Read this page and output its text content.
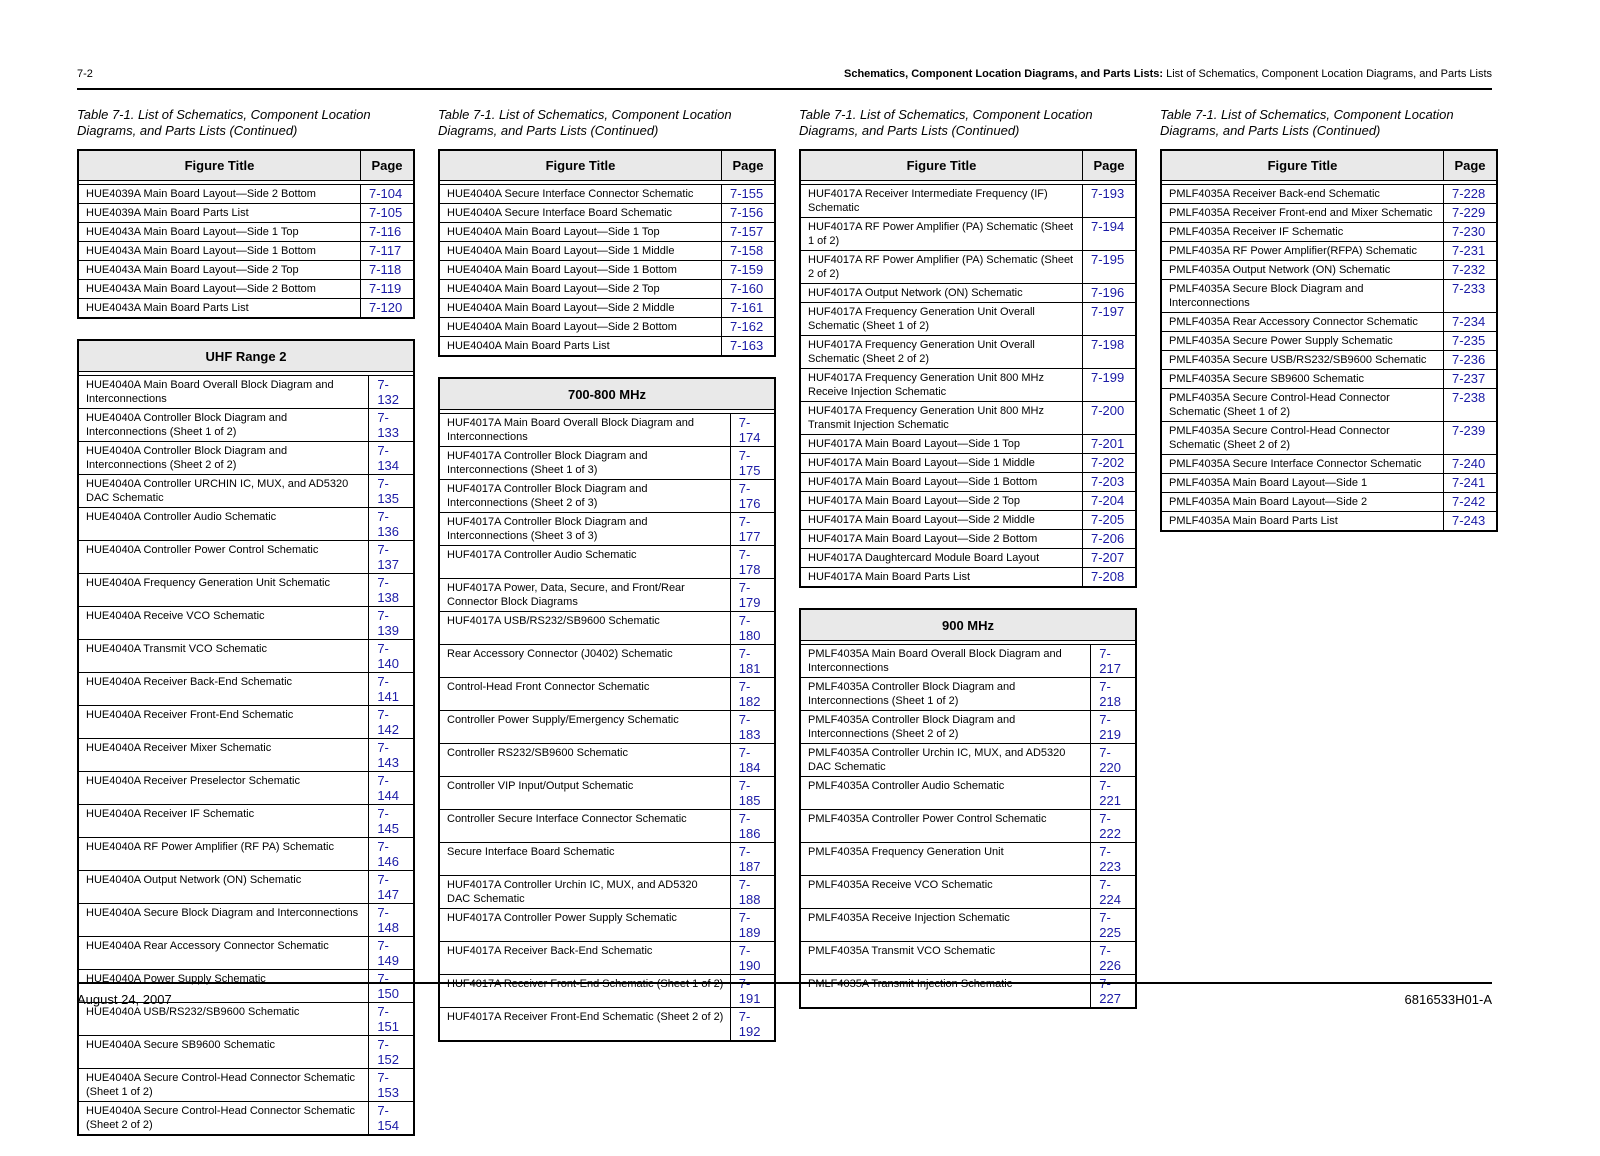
7-2	Schematics, Component Location Diagrams, and Parts Lists: List of Schematics, Component Location Diagrams, and Parts Lists
Table 7-1. List of Schematics, Component Location Diagrams, and Parts Lists (Continued)
Figure Title	Page

HUE4039A Main Board Layout—Side 2 Bottom	7-104
HUE4039A Main Board Parts List	7-105
HUE4043A Main Board Layout—Side 1 Top	7-116
HUE4043A Main Board Layout—Side 1 Bottom	7-117
HUE4043A Main Board Layout—Side 2 Top	7-118
HUE4043A Main Board Layout—Side 2 Bottom	7-119
HUE4043A Main Board Parts List	7-120
UHF Range 2	

HUE4040A Main Board Overall Block Diagram and Interconnections	7-132
HUE4040A Controller Block Diagram and Interconnections (Sheet 1 of 2)	7-133
HUE4040A Controller Block Diagram and Interconnections (Sheet 2 of 2)	7-134
HUE4040A Controller URCHIN IC, MUX, and AD5320 DAC Schematic	7-135
HUE4040A Controller Audio Schematic	7-136
HUE4040A Controller Power Control Schematic	7-137
HUE4040A Frequency Generation Unit Schematic	7-138
HUE4040A Receive VCO Schematic	7-139
HUE4040A Transmit VCO Schematic	7-140
HUE4040A Receiver Back-End Schematic	7-141
HUE4040A Receiver Front-End Schematic	7-142
HUE4040A Receiver Mixer Schematic	7-143
HUE4040A Receiver Preselector Schematic	7-144
HUE4040A Receiver IF Schematic	7-145
HUE4040A RF Power Amplifier (RF PA) Schematic	7-146
HUE4040A Output Network (ON) Schematic	7-147
HUE4040A Secure Block Diagram and Interconnections	7-148
HUE4040A Rear Accessory Connector Schematic	7-149
HUE4040A Power Supply Schematic	7-150
HUE4040A USB/RS232/SB9600 Schematic	7-151
HUE4040A Secure SB9600 Schematic	7-152
HUE4040A Secure Control-Head Connector Schematic (Sheet 1 of 2)	7-153
HUE4040A Secure Control-Head Connector Schematic (Sheet 2 of 2)	7-154
Table 7-1. List of Schematics, Component Location Diagrams, and Parts Lists (Continued)
Figure Title	Page

HUE4040A Secure Interface Connector Schematic	7-155
HUE4040A Secure Interface Board Schematic	7-156
HUE4040A Main Board Layout—Side 1 Top	7-157
HUE4040A Main Board Layout—Side 1 Middle	7-158
HUE4040A Main Board Layout—Side 1 Bottom	7-159
HUE4040A Main Board Layout—Side 2 Top	7-160
HUE4040A Main Board Layout—Side 2 Middle	7-161
HUE4040A Main Board Layout—Side 2 Bottom	7-162
HUE4040A Main Board Parts List	7-163
700-800 MHz	

HUF4017A Main Board Overall Block Diagram and Interconnections	7-174
HUF4017A Controller Block Diagram and Interconnections (Sheet 1 of 3)	7-175
HUF4017A Controller Block Diagram and Interconnections (Sheet 2 of 3)	7-176
HUF4017A Controller Block Diagram and Interconnections (Sheet 3 of 3)	7-177
HUF4017A Controller Audio Schematic	7-178
HUF4017A Power, Data, Secure, and Front/Rear Connector Block Diagrams	7-179
HUF4017A USB/RS232/SB9600 Schematic	7-180
Rear Accessory Connector (J0402) Schematic	7-181
Control-Head Front Connector Schematic	7-182
Controller Power Supply/Emergency Schematic	7-183
Controller RS232/SB9600 Schematic	7-184
Controller VIP Input/Output Schematic	7-185
Controller Secure Interface Connector Schematic	7-186
Secure Interface Board Schematic	7-187
HUF4017A Controller Urchin IC, MUX, and AD5320 DAC Schematic	7-188
HUF4017A Controller Power Supply Schematic	7-189
HUF4017A Receiver Back-End Schematic	7-190
HUF4017A Receiver Front-End Schematic (Sheet 1 of 2)	7-191
HUF4017A Receiver Front-End Schematic (Sheet 2 of 2)	7-192
Table 7-1. List of Schematics, Component Location Diagrams, and Parts Lists (Continued)
Figure Title	Page

HUF4017A Receiver Intermediate Frequency (IF) Schematic	7-193
HUF4017A RF Power Amplifier (PA) Schematic (Sheet 1 of 2)	7-194
HUF4017A RF Power Amplifier (PA) Schematic (Sheet 2 of 2)	7-195
HUF4017A Output Network (ON) Schematic	7-196
HUF4017A Frequency Generation Unit Overall Schematic (Sheet 1 of 2)	7-197
HUF4017A Frequency Generation Unit Overall Schematic (Sheet 2 of 2)	7-198
HUF4017A Frequency Generation Unit 800 MHz Receive Injection Schematic	7-199
HUF4017A Frequency Generation Unit 800 MHz Transmit Injection Schematic	7-200
HUF4017A Main Board Layout—Side 1 Top	7-201
HUF4017A Main Board Layout—Side 1 Middle	7-202
HUF4017A Main Board Layout—Side 1 Bottom	7-203
HUF4017A Main Board Layout—Side 2 Top	7-204
HUF4017A Main Board Layout—Side 2 Middle	7-205
HUF4017A Main Board Layout—Side 2 Bottom	7-206
HUF4017A Daughtercard Module Board Layout	7-207
HUF4017A Main Board Parts List	7-208
900 MHz	

PMLF4035A Main Board Overall Block Diagram and Interconnections	7-217
PMLF4035A Controller Block Diagram and Interconnections (Sheet 1 of 2)	7-218
PMLF4035A Controller Block Diagram and Interconnections (Sheet 2 of 2)	7-219
PMLF4035A Controller Urchin IC, MUX, and AD5320 DAC Schematic	7-220
PMLF4035A Controller Audio Schematic	7-221
PMLF4035A Controller Power Control Schematic	7-222
PMLF4035A Frequency Generation Unit	7-223
PMLF4035A Receive VCO Schematic	7-224
PMLF4035A Receive Injection Schematic	7-225
PMLF4035A Transmit VCO Schematic	7-226
PMLF4035A Transmit Injection Schematic	7-227
Table 7-1. List of Schematics, Component Location Diagrams, and Parts Lists (Continued)
Figure Title	Page

PMLF4035A Receiver Back-end Schematic	7-228
PMLF4035A Receiver Front-end and Mixer Schematic	7-229
PMLF4035A Receiver IF Schematic	7-230
PMLF4035A RF Power Amplifier(RFPA) Schematic	7-231
PMLF4035A Output Network (ON) Schematic	7-232
PMLF4035A Secure Block Diagram and Interconnections	7-233
PMLF4035A Rear Accessory Connector Schematic	7-234
PMLF4035A Secure Power Supply Schematic	7-235
PMLF4035A Secure USB/RS232/SB9600 Schematic	7-236
PMLF4035A Secure SB9600 Schematic	7-237
PMLF4035A Secure Control-Head Connector Schematic (Sheet 1 of 2)	7-238
PMLF4035A Secure Control-Head Connector Schematic (Sheet 2 of 2)	7-239
PMLF4035A Secure Interface Connector Schematic	7-240
PMLF4035A Main Board Layout—Side 1	7-241
PMLF4035A Main Board Layout—Side 2	7-242
PMLF4035A Main Board Parts List	7-243
August 24, 2007	6816533H01-A
